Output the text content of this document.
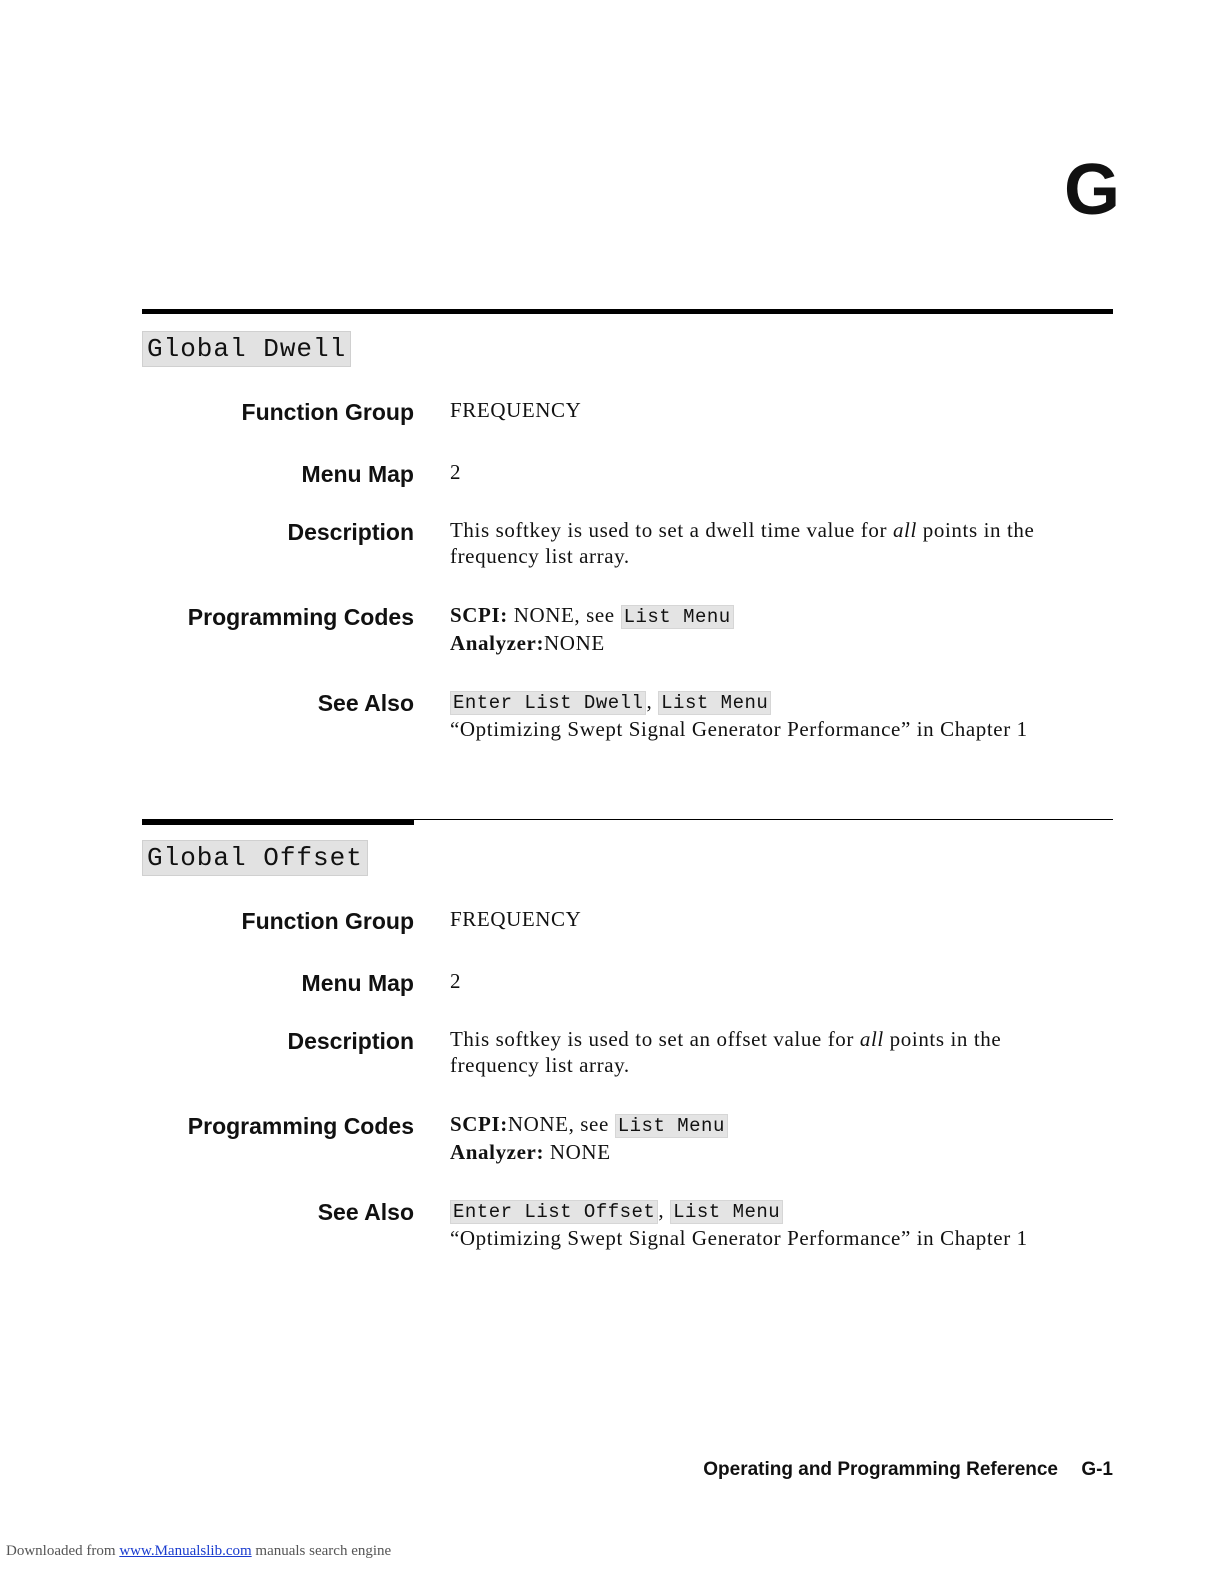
G
Global Dwell
Function Group FREQUENCY
Menu Map 2
Description This softkey is used to set a dwell time value for all points in the frequency list array.
Programming Codes SCPI: NONE, see List Menu
Analyzer:NONE
See Also Enter List Dwell , List Menu
“Optimizing Swept Signal Generator Performance” in Chapter 1
Global Offset
Function Group FREQUENCY
Menu Map 2
Description This softkey is used to set an offset value for all points in the frequency list array.
Programming Codes SCPI:NONE, see List Menu
Analyzer: NONE
See Also Enter List Offset , List Menu
“Optimizing Swept Signal Generator Performance” in Chapter 1
Operating and Programming Reference G-1
Downloaded from www.Manualslib.com manuals search engine
